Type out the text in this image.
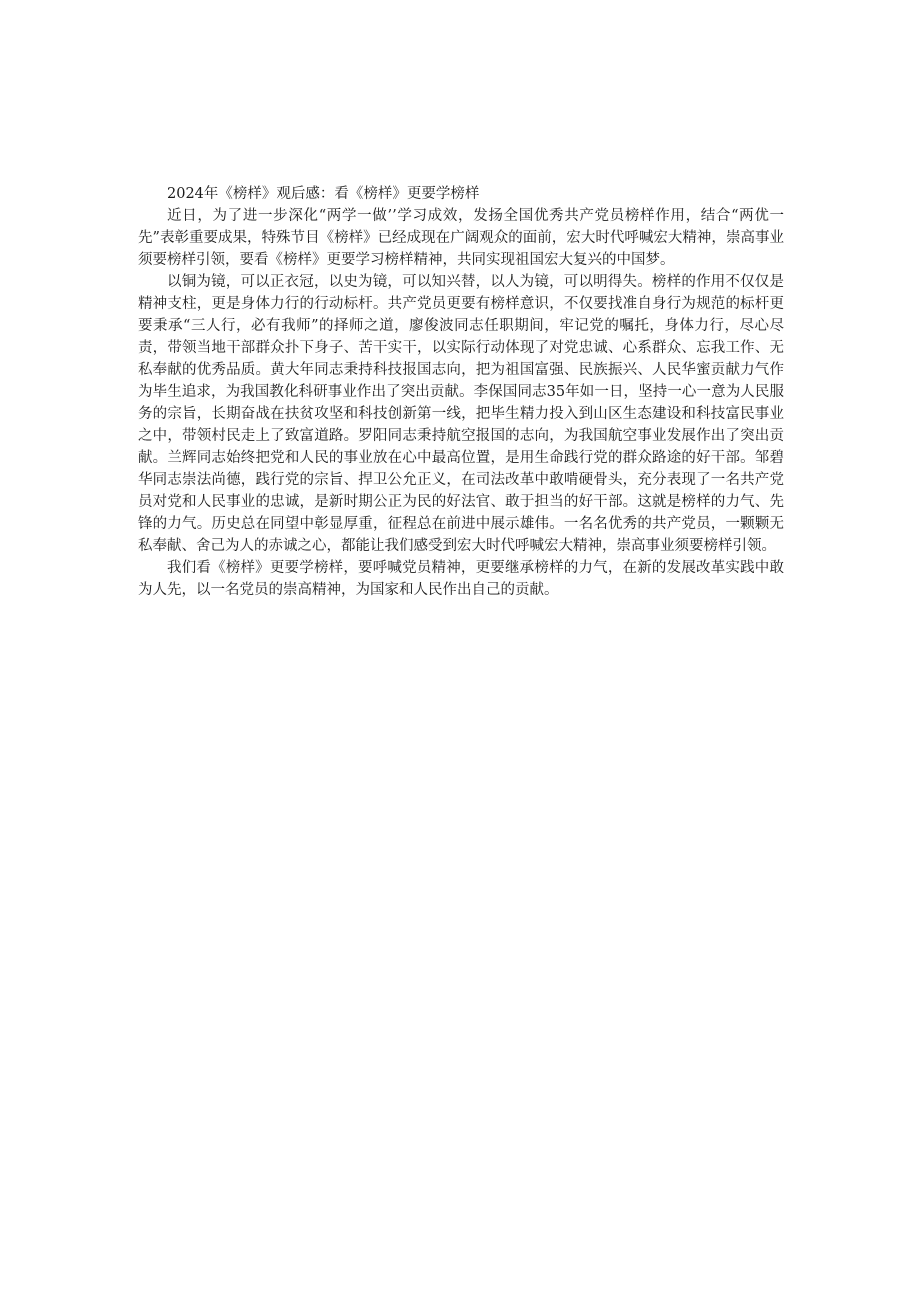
2024年《榜样》观后感：看《榜样》更要学榜样

近日，为了进一步深化“两学一做’’学习成效，发扬全国优秀共产党员榜样作用，结合“两优一先”表彰重要成果，特殊节目《榜样》已经成现在广阔观众的面前，宏大时代呼喊宏大精神，崇高事业须要榜样引领，要看《榜样》更要学习榜样精神，共同实现祖国宏大复兴的中国梦。

以铜为镜，可以正衣冠，以史为镜，可以知兴替，以人为镜，可以明得失。榜样的作用不仅仅是精神支柱，更是身体力行的行动标杆。共产党员更要有榜样意识，不仅要找准自身行为规范的标杆更要秉承“三人行，必有我师”的择师之道，廖俊波同志任职期间，牢记党的嘱托，身体力行，尽心尽责，带领当地干部群众扑下身子、苦干实干，以实际行动体现了对党忠诚、心系群众、忘我工作、无私奉献的优秀品质。黄大年同志秉持科技报国志向，把为祖国富强、民族振兴、人民华蜜贡献力气作为毕生追求，为我国教化科研事业作出了突出贡献。李保国同志35年如一日，坚持一心一意为人民服务的宗旨，长期奋战在扶贫攻坚和科技创新第一线，把毕生精力投入到山区生态建设和科技富民事业之中，带领村民走上了致富道路。罗阳同志秉持航空报国的志向，为我国航空事业发展作出了突出贡献。兰辉同志始终把党和人民的事业放在心中最高位置，是用生命践行党的群众路途的好干部。邹碧华同志崇法尚德，践行党的宗旨、捍卫公允正义，在司法改革中敢啃硬骨头，充分表现了一名共产党员对党和人民事业的忠诚，是新时期公正为民的好法官、敢于担当的好干部。这就是榜样的力气、先锋的力气。历史总在同望中彰显厚重，征程总在前进中展示雄伟。一名名优秀的共产党员，一颗颗无私奉献、舍己为人的赤诚之心，都能让我们感受到宏大时代呼喊宏大精神，崇高事业须要榜样引领。

我们看《榜样》更要学榜样，要呼喊党员精神，更要继承榜样的力气，在新的发展改革实践中敢为人先，以一名党员的崇高精神，为国家和人民作出自己的贡献。
